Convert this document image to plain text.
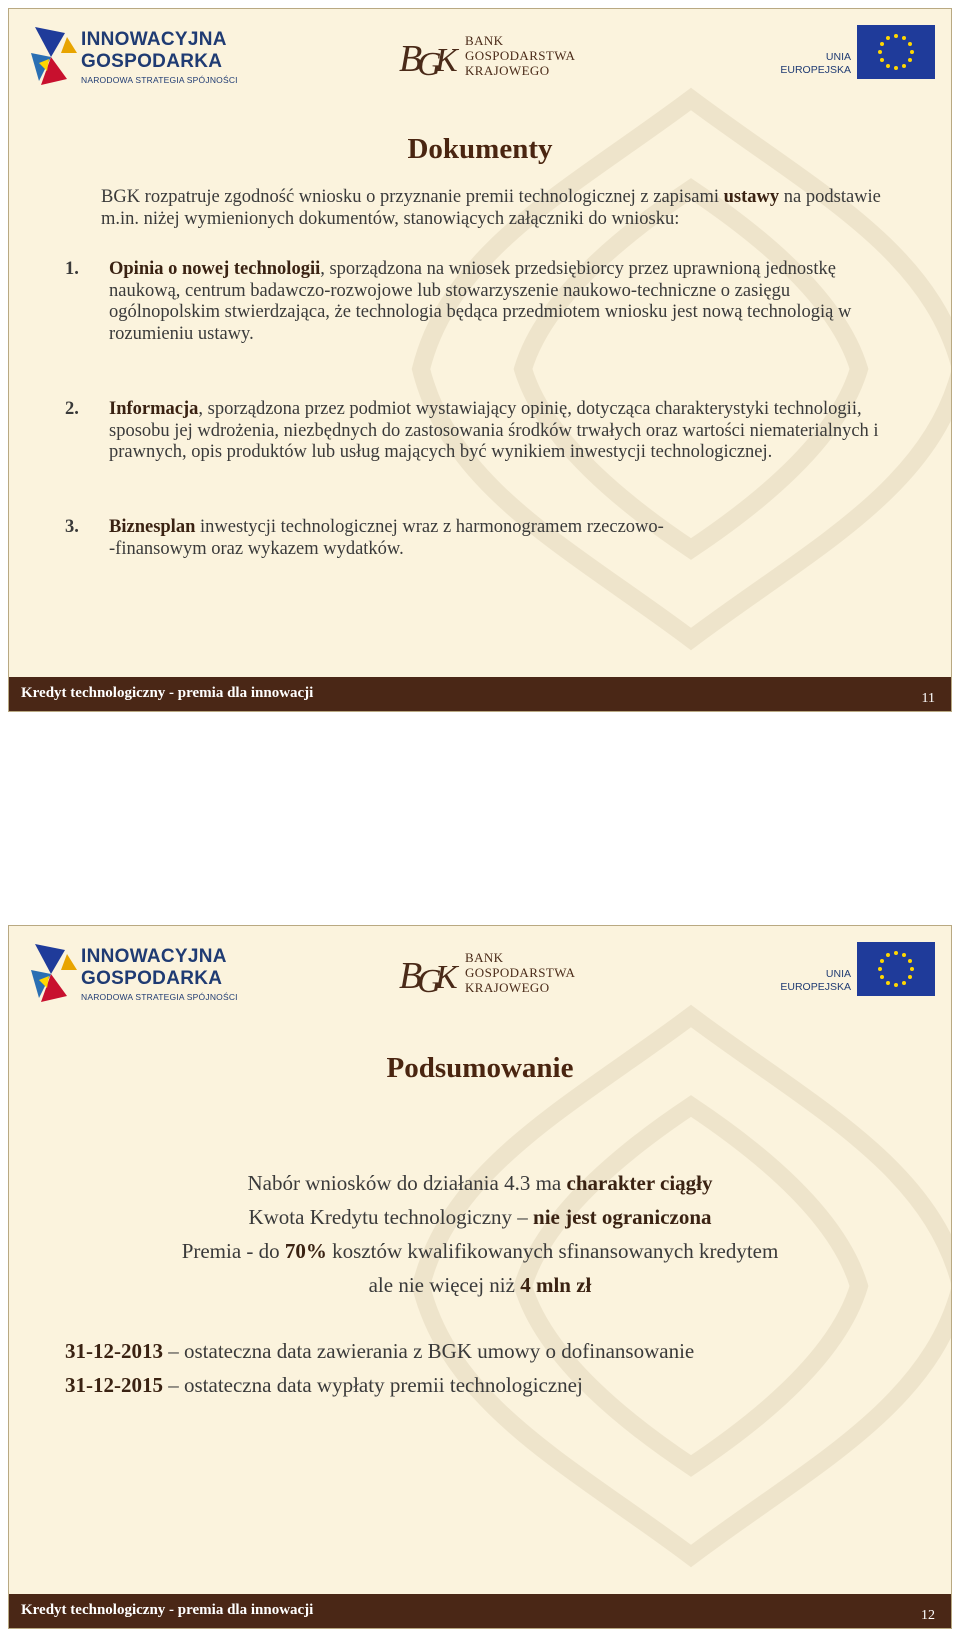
INNOWACYJNA
GOSPODARKA
NARODOWA STRATEGIA SPÓJNOŚCI	B
G
K
BANK
GOSPODARSTWA
KRAJOWEGO
UNIA
EUROPEJSKA
Dokumenty
BGK rozpatruje zgodność wniosku o przyznanie premii technologicznej z zapisami ustawy na podstawie m.in. niżej wymienionych dokumentów, stanowiących załączniki do wniosku:
1. Opinia o nowej technologii, sporządzona na wniosek przedsiębiorcy przez uprawnioną jednostkę naukową, centrum badawczo-rozwojowe lub stowarzyszenie naukowo-techniczne o zasięgu ogólnopolskim stwierdzająca, że technologia będąca przedmiotem wniosku jest nową technologią w rozumieniu ustawy.
2. Informacja, sporządzona przez podmiot wystawiający opinię, dotycząca charakterystyki technologii, sposobu jej wdrożenia, niezbędnych do zastosowania środków trwałych oraz wartości niematerialnych i prawnych, opis produktów lub usług mających być wynikiem inwestycji technologicznej.
3. Biznesplan inwestycji technologicznej wraz z harmonogramem rzeczowo-
-finansowym oraz wykazem wydatków.
Kredyt technologiczny - premia dla innowacji	11
INNOWACYJNA
GOSPODARKA
NARODOWA STRATEGIA SPÓJNOŚCI	B
G
K
BANK
GOSPODARSTWA
KRAJOWEGO
UNIA
EUROPEJSKA
Podsumowanie
Nabór wniosków do działania 4.3 ma charakter ciągły
Kwota Kredytu technologiczny – nie jest ograniczona
Premia - do 70% kosztów kwalifikowanych sfinansowanych kredytem
ale nie więcej niż 4 mln zł
31-12-2013 – ostateczna data zawierania z BGK umowy o dofinansowanie
31-12-2015 – ostateczna data wypłaty premii technologicznej
Kredyt technologiczny - premia dla innowacji	12
